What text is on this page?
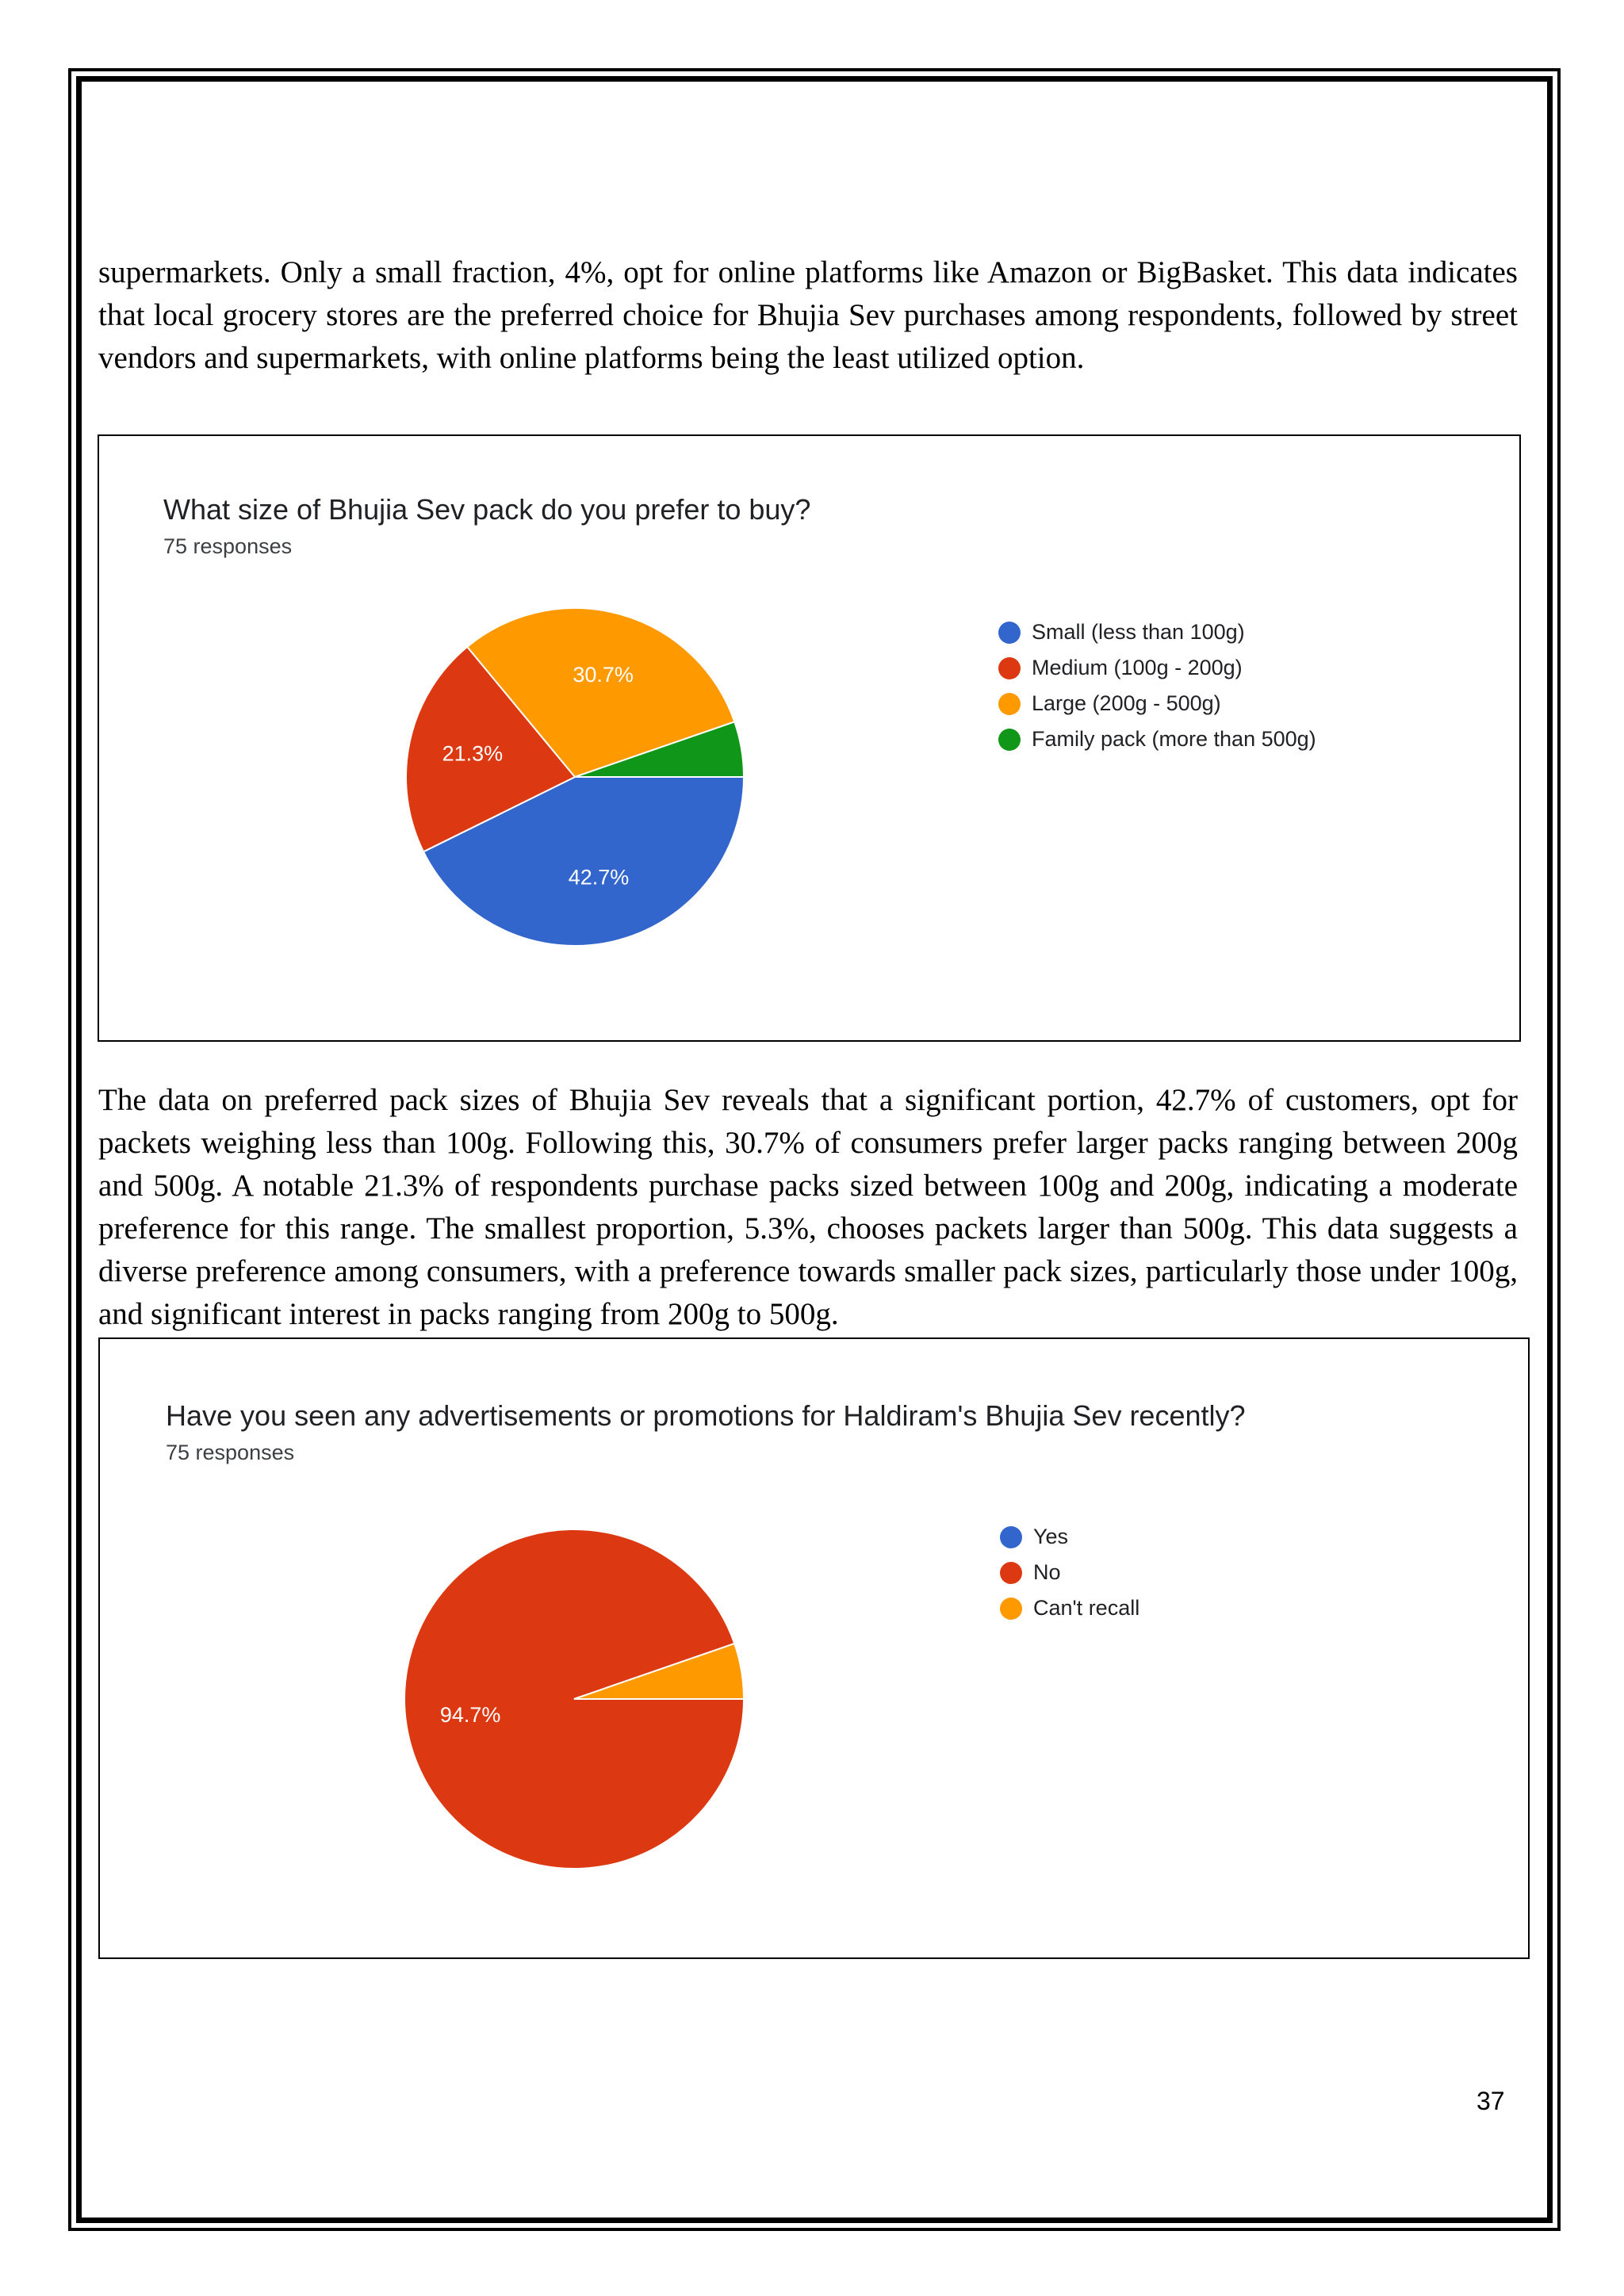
supermarkets. Only a small fraction, 4%, opt for online platforms like Amazon or BigBasket. This data indicates that local grocery stores are the preferred choice for Bhujia Sev purchases among respondents, followed by street vendors and supermarkets, with online platforms being the least utilized option.

What size of Bhujia Sev pack do you prefer to buy?
75 responses
42.7%
21.3%
30.7%
Small (less than 100g)
Medium (100g - 200g)
Large (200g - 500g)
Family pack (more than 500g)

The data on preferred pack sizes of Bhujia Sev reveals that a significant portion, 42.7% of customers, opt for packets weighing less than 100g. Following this, 30.7% of consumers prefer larger packs ranging between 200g and 500g. A notable 21.3% of respondents purchase packs sized between 100g and 200g, indicating a moderate preference for this range. The smallest proportion, 5.3%, chooses packets larger than 500g. This data suggests a diverse preference among consumers, with a preference towards smaller pack sizes, particularly those under 100g, and significant interest in packs ranging from 200g to 500g.

Have you seen any advertisements or promotions for Haldiram's Bhujia Sev recently?
75 responses
94.7%
Yes
No
Can't recall
37
